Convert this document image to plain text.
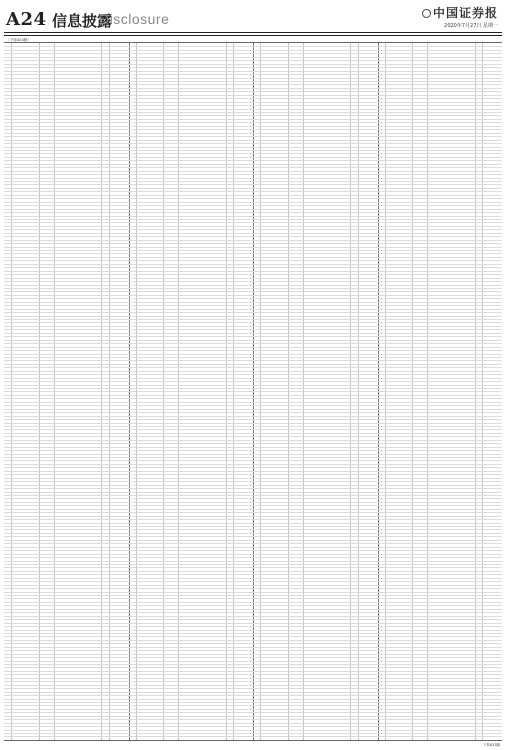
A24 信息披露
Disclosure	中国证券报
2020年7月27日 星期一
（下转A23版）
下转A23版
